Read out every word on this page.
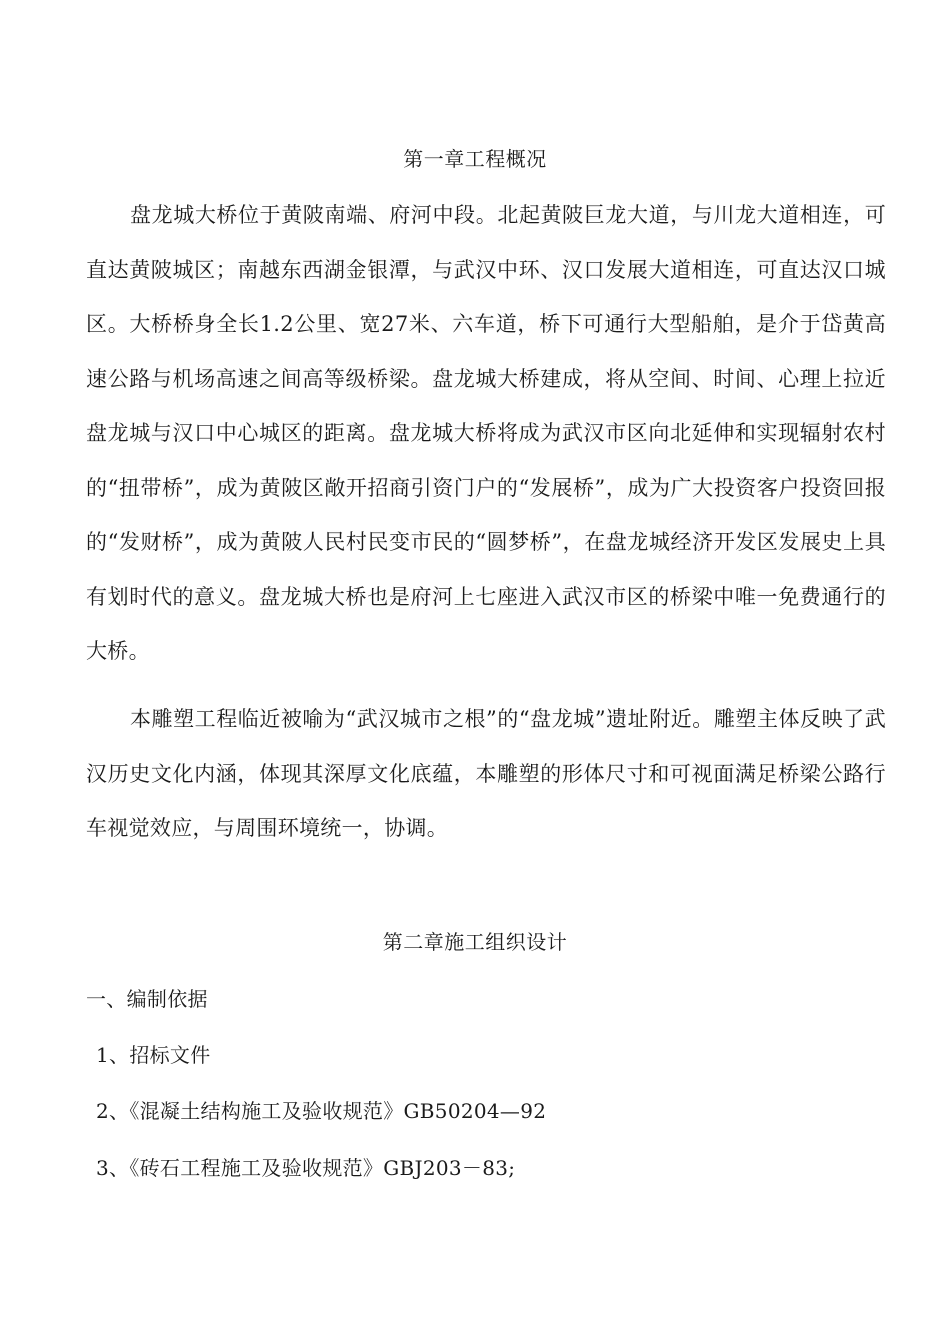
第一章工程概况
盘龙城大桥位于黄陂南端、府河中段。北起黄陂巨龙大道，与川龙大道相连，可直达黄陂城区；南越东西湖金银潭，与武汉中环、汉口发展大道相连，可直达汉口城区。大桥桥身全长1.2公里、宽27米、六车道，桥下可通行大型船舶，是介于岱黄高速公路与机场高速之间高等级桥梁。盘龙城大桥建成，将从空间、时间、心理上拉近盘龙城与汉口中心城区的距离。盘龙城大桥将成为武汉市区向北延伸和实现辐射农村的“扭带桥”，成为黄陂区敞开招商引资门户的“发展桥”，成为广大投资客户投资回报的“发财桥”，成为黄陂人民村民变市民的“圆梦桥”，在盘龙城经济开发区发展史上具有划时代的意义。盘龙城大桥也是府河上七座进入武汉市区的桥梁中唯一免费通行的大桥。
本雕塑工程临近被喻为“武汉城市之根”的“盘龙城”遗址附近。雕塑主体反映了武汉历史文化内涵，体现其深厚文化底蕴，本雕塑的形体尺寸和可视面满足桥梁公路行车视觉效应，与周围环境统一，协调。
第二章施工组织设计
一、编制依据
1、招标文件
2、《混凝土结构施工及验收规范》GB50204—92
3、《砖石工程施工及验收规范》GBJ203－83;
